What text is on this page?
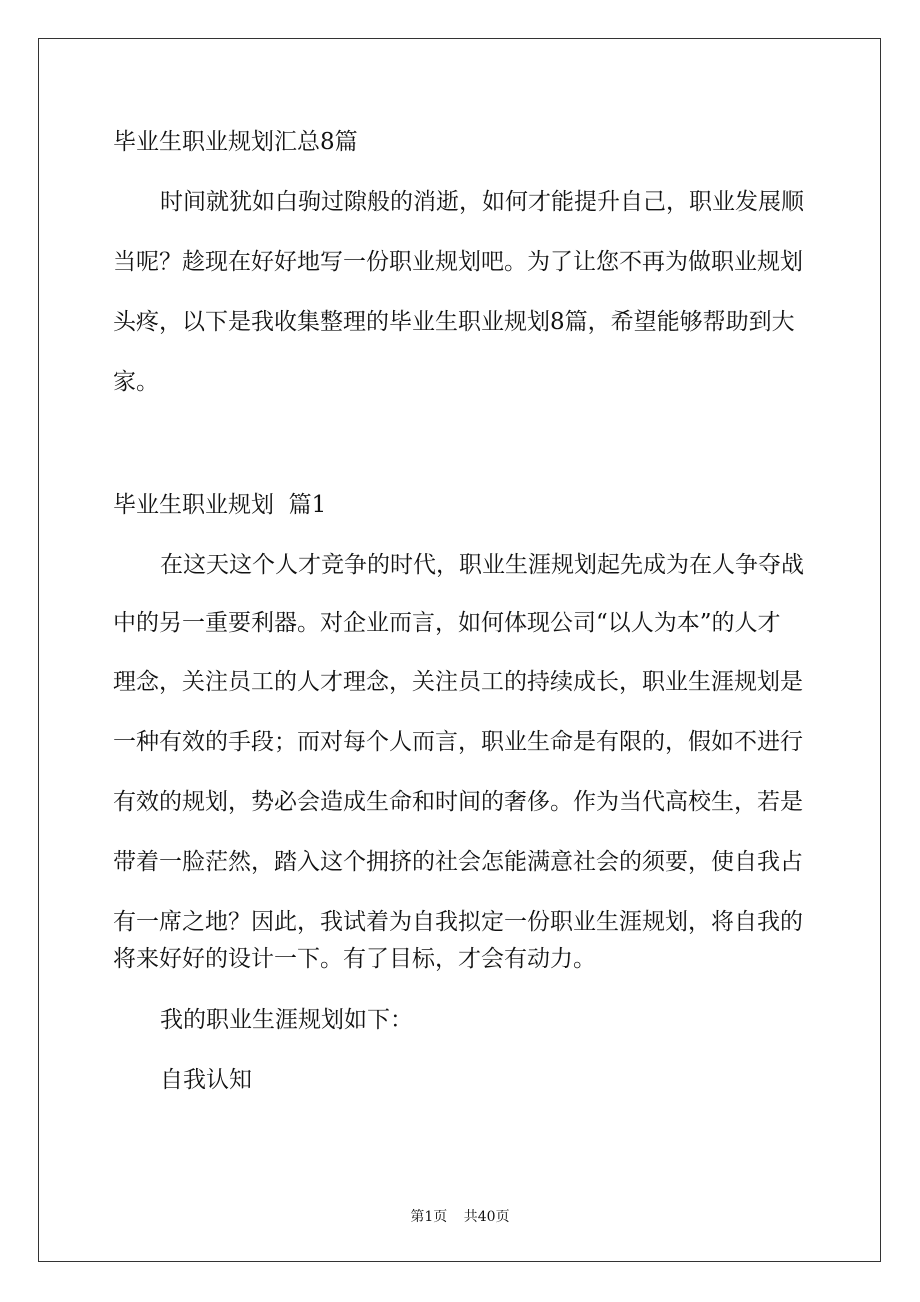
毕业生职业规划汇总8篇
时间就犹如白驹过隙般的消逝，如何才能提升自己，职业发展顺
当呢？趁现在好好地写一份职业规划吧。为了让您不再为做职业规划
头疼，以下是我收集整理的毕业生职业规划8篇，希望能够帮助到大
家。
毕业生职业规划  篇1
在这天这个人才竞争的时代，职业生涯规划起先成为在人争夺战
中的另一重要利器。对企业而言，如何体现公司“以人为本”的人才
理念，关注员工的人才理念，关注员工的持续成长，职业生涯规划是
一种有效的手段；而对每个人而言，职业生命是有限的，假如不进行
有效的规划，势必会造成生命和时间的奢侈。作为当代高校生，若是
带着一脸茫然，踏入这个拥挤的社会怎能满意社会的须要，使自我占
有一席之地？因此，我试着为自我拟定一份职业生涯规划，将自我的
将来好好的设计一下。有了目标，才会有动力。
我的职业生涯规划如下：
自我认知
第1页 共40页
